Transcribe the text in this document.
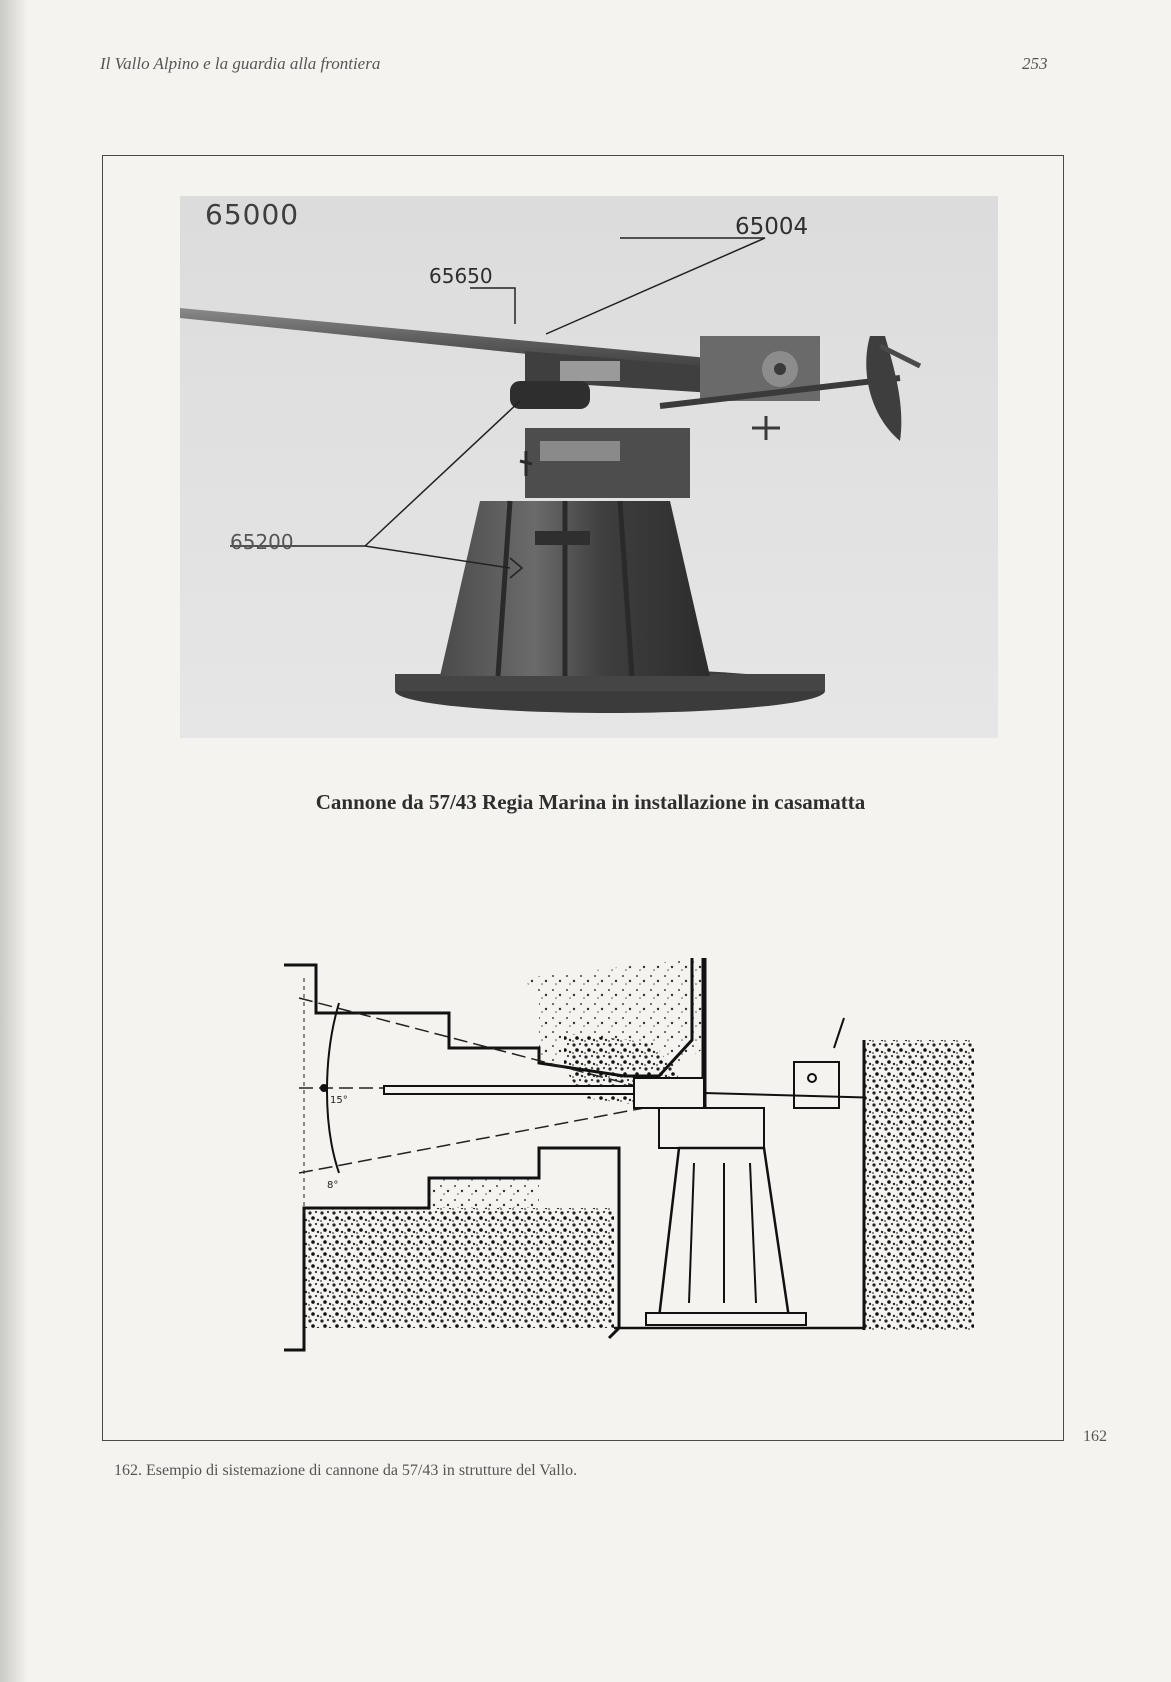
Il Vallo Alpino e la guardia alla frontiera	253
65000	65004
65650
65200
Cannone da 57/43 Regia Marina in installazione in casamatta
15°
8°
162
162. Esempio di sistemazione di cannone da 57/43 in strutture del Vallo.
